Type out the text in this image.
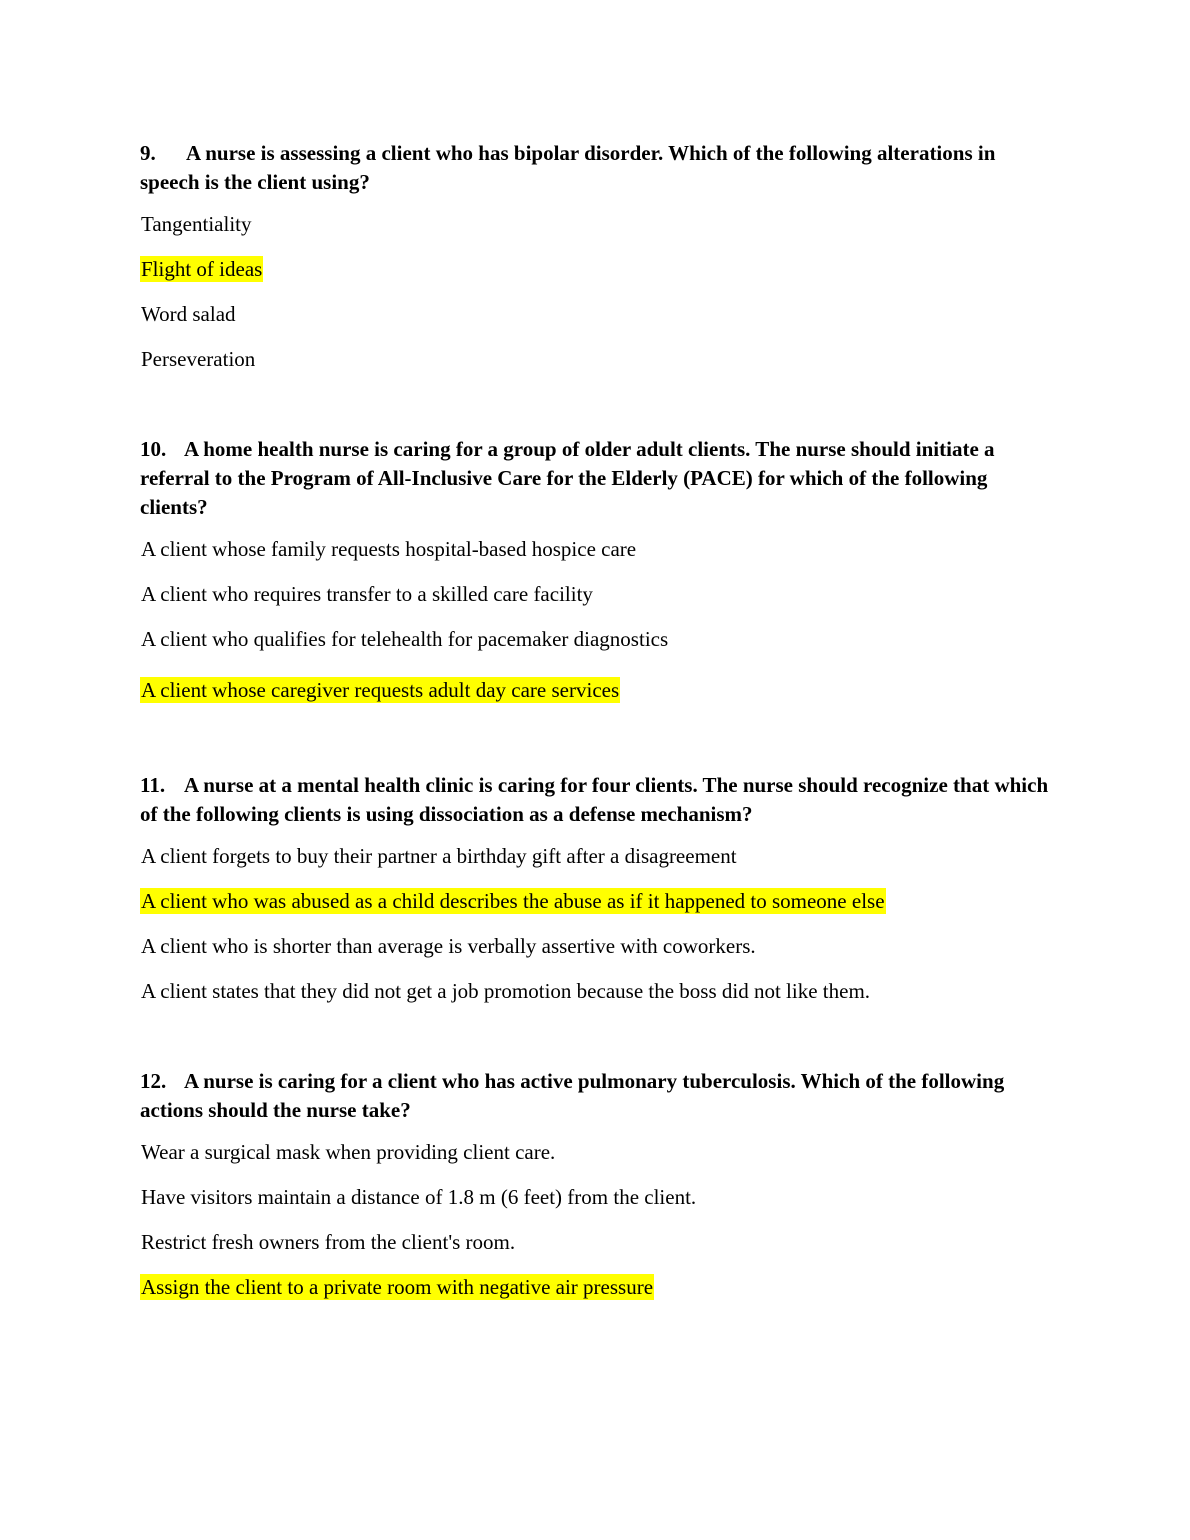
9. A nurse is assessing a client who has bipolar disorder. Which of the following alterations in speech is the client using?

Tangentiality
Flight of ideas
Word salad
Perseveration

10. A home health nurse is caring for a group of older adult clients. The nurse should initiate a referral to the Program of All-Inclusive Care for the Elderly (PACE) for which of the following clients?

A client whose family requests hospital-based hospice care
A client who requires transfer to a skilled care facility
A client who qualifies for telehealth for pacemaker diagnostics
A client whose caregiver requests adult day care services

11. A nurse at a mental health clinic is caring for four clients. The nurse should recognize that which of the following clients is using dissociation as a defense mechanism?

A client forgets to buy their partner a birthday gift after a disagreement
A client who was abused as a child describes the abuse as if it happened to someone else
A client who is shorter than average is verbally assertive with coworkers.
A client states that they did not get a job promotion because the boss did not like them.

12. A nurse is caring for a client who has active pulmonary tuberculosis. Which of the following actions should the nurse take?

Wear a surgical mask when providing client care.
Have visitors maintain a distance of 1.8 m (6 feet) from the client.
Restrict fresh owners from the client's room.
Assign the client to a private room with negative air pressure
